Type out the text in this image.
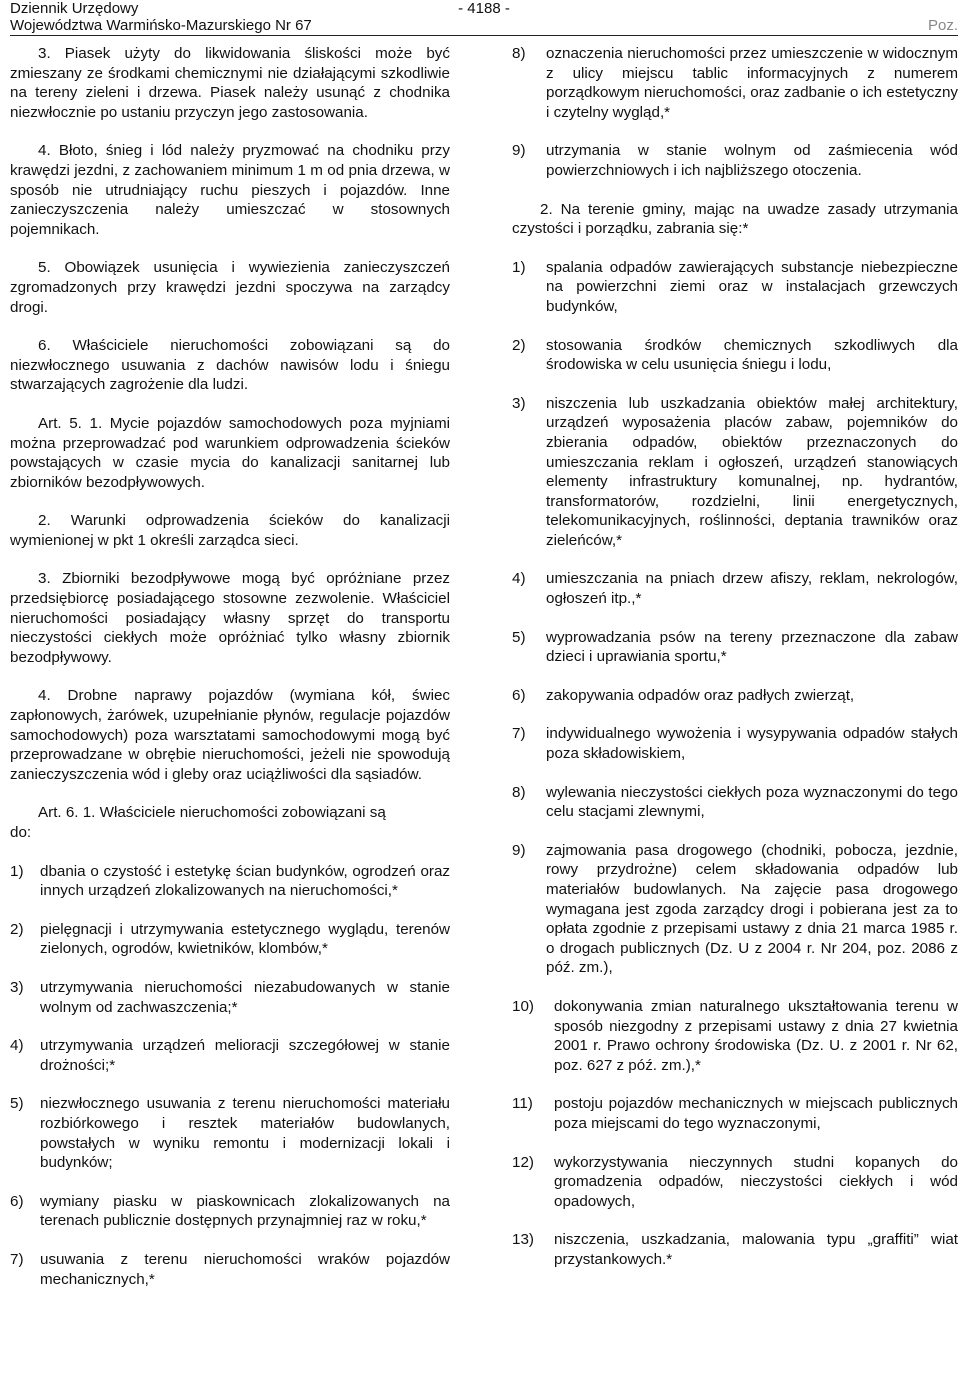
Dziennik Urzędowy
Województwa Warmińsko-Mazurskiego Nr 67
- 4188 -
Poz.

3. Piasek użyty do likwidowania śliskości może być zmieszany ze środkami chemicznymi nie działającymi szkodliwie na tereny zieleni i drzewa. Piasek należy usunąć z chodnika niezwłocznie po ustaniu przyczyn jego zastosowania.

4. Błoto, śnieg i lód należy pryzmować na chodniku przy krawędzi jezdni, z zachowaniem minimum 1 m od pnia drzewa, w sposób nie utrudniający ruchu pieszych i pojazdów. Inne zanieczyszczenia należy umieszczać w stosownych pojemnikach.

5. Obowiązek usunięcia i wywiezienia zanieczyszczeń zgromadzonych przy krawędzi jezdni spoczywa na zarządcy drogi.

6. Właściciele nieruchomości zobowiązani są do niezwłocznego usuwania z dachów nawisów lodu i śniegu stwarzających zagrożenie dla ludzi.

Art. 5. 1. Mycie pojazdów samochodowych poza myjniami można przeprowadzać pod warunkiem odprowadzenia ścieków powstających w czasie mycia do kanalizacji sanitarnej lub zbiorników bezodpływowych.

2. Warunki odprowadzenia ścieków do kanalizacji wymienionej w pkt 1 określi zarządca sieci.

3. Zbiorniki bezodpływowe mogą być opróżniane przez przedsiębiorcę posiadającego stosowne zezwolenie. Właściciel nieruchomości posiadający własny sprzęt do transportu nieczystości ciekłych może opróżniać tylko własny zbiornik bezodpływowy.

4. Drobne naprawy pojazdów (wymiana kół, świec zapłonowych, żarówek, uzupełnianie płynów, regulacje pojazdów samochodowych) poza warsztatami samochodowymi mogą być przeprowadzane w obrębie nieruchomości, jeżeli nie spowodują zanieczyszczenia wód i gleby oraz uciążliwości dla sąsiadów.

Art. 6. 1. Właściciele nieruchomości zobowiązani są
do:
1)	dbania o czystość i estetykę ścian budynków, ogrodzeń oraz innych urządzeń zlokalizowanych na nieruchomości,*
2)	pielęgnacji i utrzymywania estetycznego wyglądu, terenów zielonych, ogrodów, kwietników, klombów,*
3)	utrzymywania nieruchomości niezabudowanych w stanie wolnym od zachwaszczenia;*
4)	utrzymywania urządzeń melioracji szczegółowej w stanie drożności;*
5)	niezwłocznego usuwania z terenu nieruchomości materiału rozbiórkowego i resztek materiałów budowlanych, powstałych w wyniku remontu i modernizacji lokali i budynków;
6)	wymiany piasku w piaskownicach zlokalizowanych na terenach publicznie dostępnych przynajmniej raz w roku,*
7)	usuwania z terenu nieruchomości wraków pojazdów mechanicznych,*
8)	oznaczenia nieruchomości przez umieszczenie w widocznym z ulicy miejscu tablic informacyjnych z numerem porządkowym nieruchomości, oraz zadbanie o ich estetyczny i czytelny wygląd,*
9)	utrzymania w stanie wolnym od zaśmiecenia wód powierzchniowych i ich najbliższego otoczenia.

2. Na terenie gminy, mając na uwadze zasady utrzymania czystości i porządku, zabrania się:*

1)	spalania odpadów zawierających substancje niebezpieczne na powierzchni ziemi oraz w instalacjach grzewczych budynków,
2)	stosowania środków chemicznych szkodliwych dla środowiska w celu usunięcia śniegu i lodu,
3)	niszczenia lub uszkadzania obiektów małej architektury, urządzeń wyposażenia placów zabaw, pojemników do zbierania odpadów, obiektów przeznaczonych do umieszczania reklam i ogłoszeń, urządzeń stanowiących elementy infrastruktury komunalnej, np. hydrantów, transformatorów, rozdzielni, linii energetycznych, telekomunikacyjnych, roślinności, deptania trawników oraz zieleńców,*
4)	umieszczania na pniach drzew afiszy, reklam, nekrologów, ogłoszeń itp.,*
5)	wyprowadzania psów na tereny przeznaczone dla zabaw dzieci i uprawiania sportu,*
6)	zakopywania odpadów oraz padłych zwierząt,
7)	indywidualnego wywożenia i wysypywania odpadów stałych poza składowiskiem,
8)	wylewania nieczystości ciekłych poza wyznaczonymi do tego celu stacjami zlewnymi,
9)	zajmowania pasa drogowego (chodniki, pobocza, jezdnie, rowy przydrożne) celem składowania odpadów lub materiałów budowlanych. Na zajęcie pasa drogowego wymagana jest zgoda zarządcy drogi i pobierana jest za to opłata zgodnie z przepisami ustawy z dnia 21 marca 1985 r. o drogach publicznych (Dz. U z 2004 r. Nr 204, poz. 2086 z póź. zm.),
10)	dokonywania zmian naturalnego ukształtowania terenu w sposób niezgodny z przepisami ustawy z dnia 27 kwietnia 2001 r. Prawo ochrony środowiska (Dz. U. z 2001 r. Nr 62, poz. 627 z póź. zm.),*
11)	postoju pojazdów mechanicznych w miejscach publicznych poza miejscami do tego wyznaczonymi,
12)	wykorzystywania nieczynnych studni kopanych do gromadzenia odpadów, nieczystości ciekłych i wód opadowych,
13)	niszczenia, uszkadzania, malowania typu „graffiti” wiat przystankowych.*
